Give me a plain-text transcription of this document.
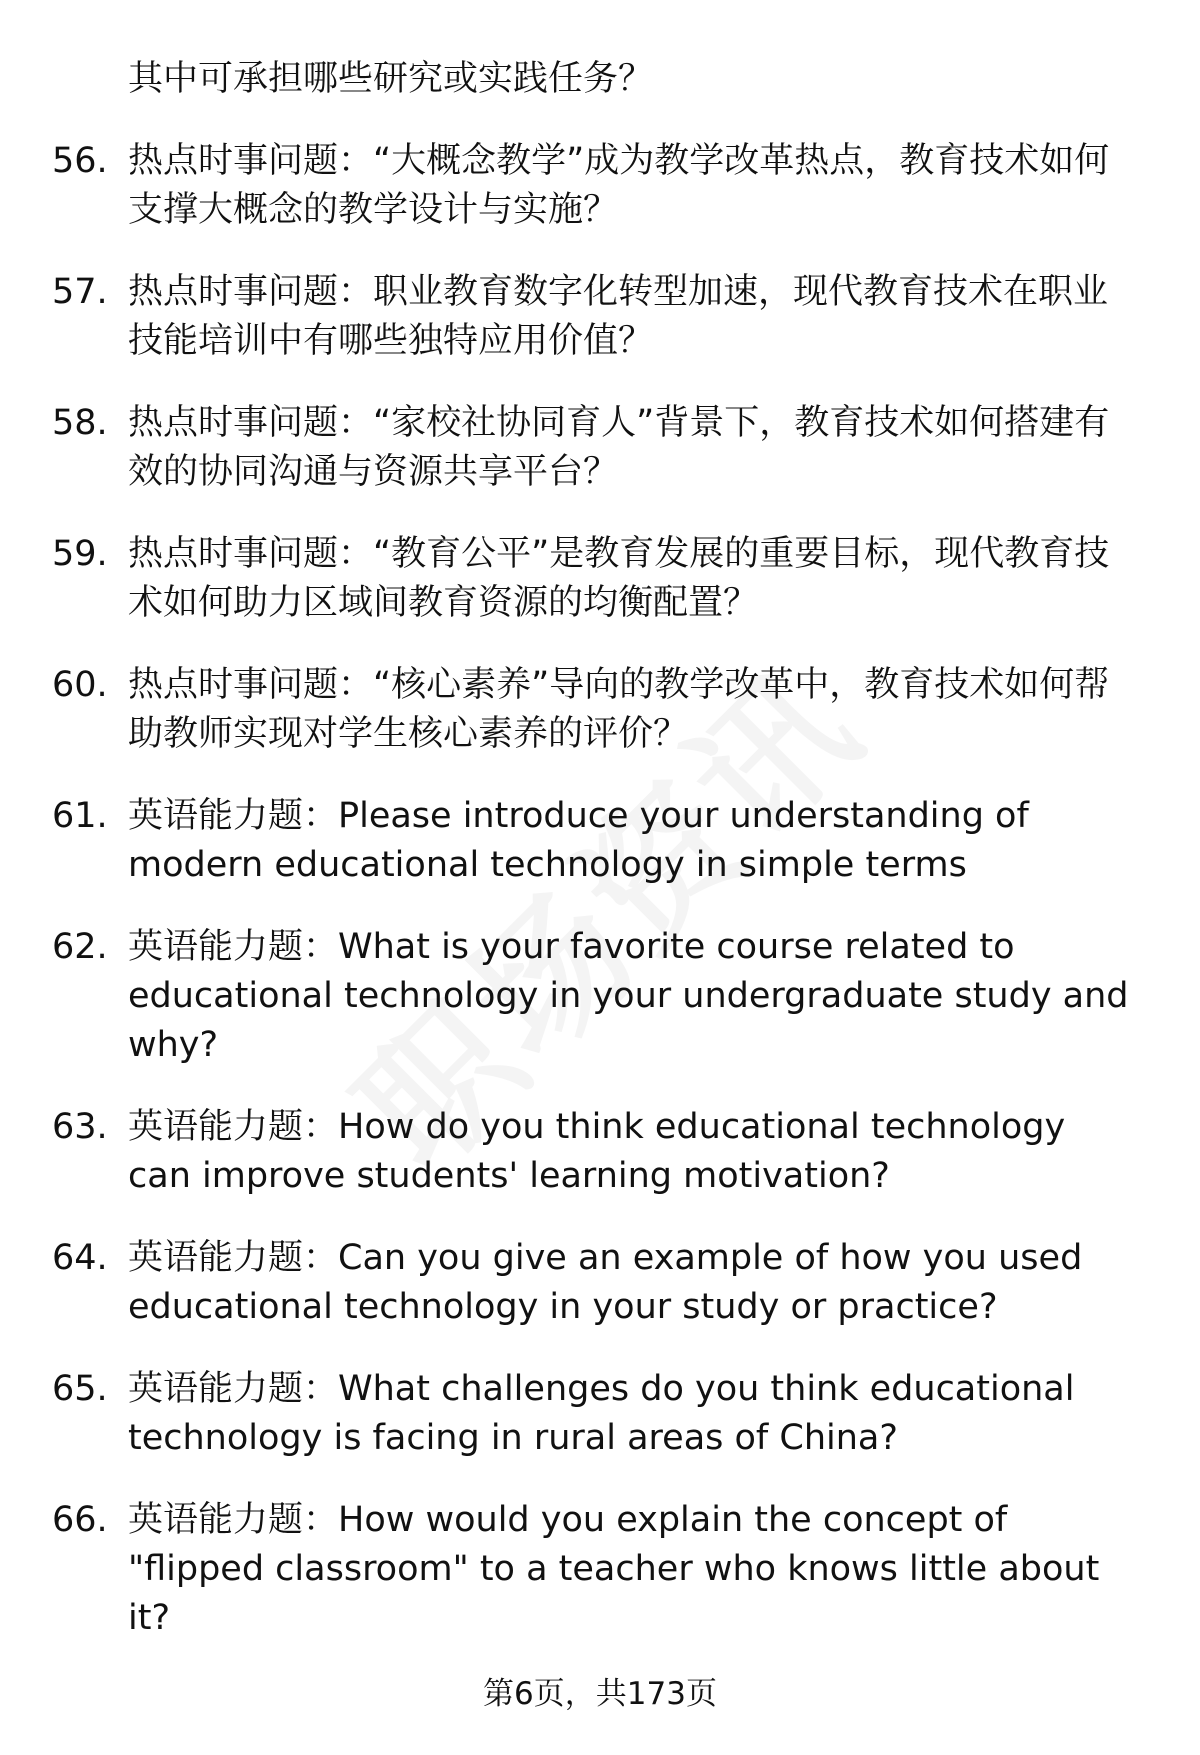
其中可承担哪些研究或实践任务？
56. 热点时事问题：“大概念教学”成为教学改革热点，教育技术如何支撑大概念的教学设计与实施？
57. 热点时事问题：职业教育数字化转型加速，现代教育技术在职业技能培训中有哪些独特应用价值？
58. 热点时事问题：“家校社协同育人”背景下，教育技术如何搭建有效的协同沟通与资源共享平台？
59. 热点时事问题：“教育公平”是教育发展的重要目标，现代教育技术如何助力区域间教育资源的均衡配置？
60. 热点时事问题：“核心素养”导向的教学改革中，教育技术如何帮助教师实现对学生核心素养的评价？
61. 英语能力题：Please introduce your understanding of modern educational technology in simple terms
62. 英语能力题：What is your favorite course related to educational technology in your undergraduate study and why?
63. 英语能力题：How do you think educational technology can improve students' learning motivation?
64. 英语能力题：Can you give an example of how you used educational technology in your study or practice?
65. 英语能力题：What challenges do you think educational technology is facing in rural areas of China?
66. 英语能力题：How would you explain the concept of "flipped classroom" to a teacher who knows little about it?
第6页，共173页
